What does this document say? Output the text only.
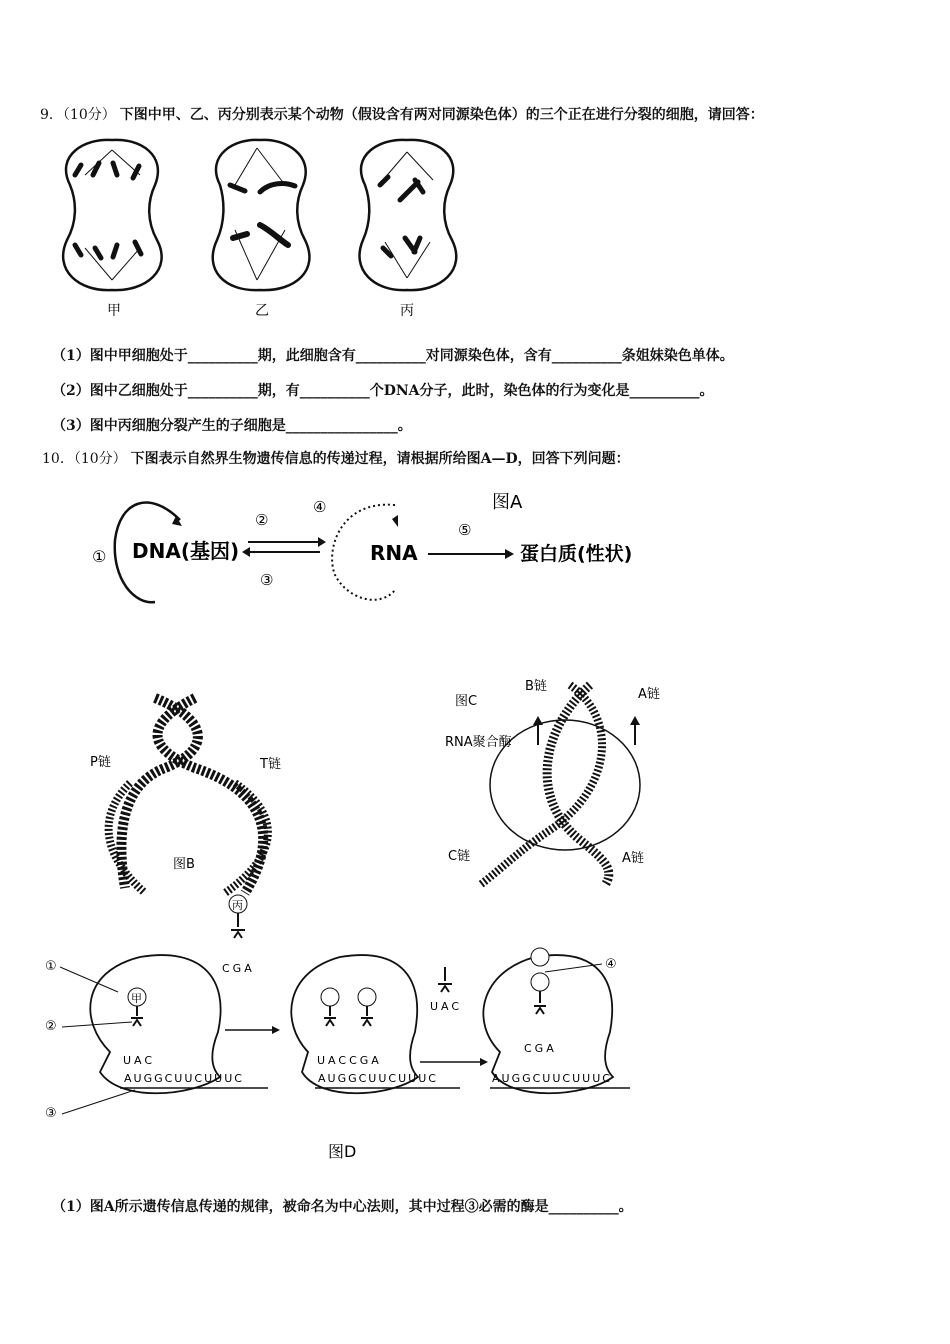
9．（10分） 下图中甲、乙、丙分别表示某个动物（假设含有两对同源染色体）的三个正在进行分裂的细胞，请回答：
甲	乙	丙
（1）图中甲细胞处于__________期，此细胞含有__________对同源染色体，含有__________条姐妹染色单体。
（2）图中乙细胞处于__________期，有__________个DNA分子，此时，染色体的行为变化是__________。
（3）图中丙细胞分裂产生的子细胞是________________。
10．（10分） 下图表示自然界生物遗传信息的传递过程，请根据所给图A—D，回答下列问题：
图A
① DNA(基因)
②
③
④
RNA
⑤
蛋白质(性状)
P链	T链
图B
图C
B链
A链
RNA聚合酶
C链	A链
甲
UAC
AUGGCUUCUUUC
丙
CGA
①
②
③
UACCGA
AUGGCUUCUUUC
UAC
CGA
AUGGCUUCUUUC
④
图D
（1）图A所示遗传信息传递的规律，被命名为中心法则，其中过程③必需的酶是__________。
